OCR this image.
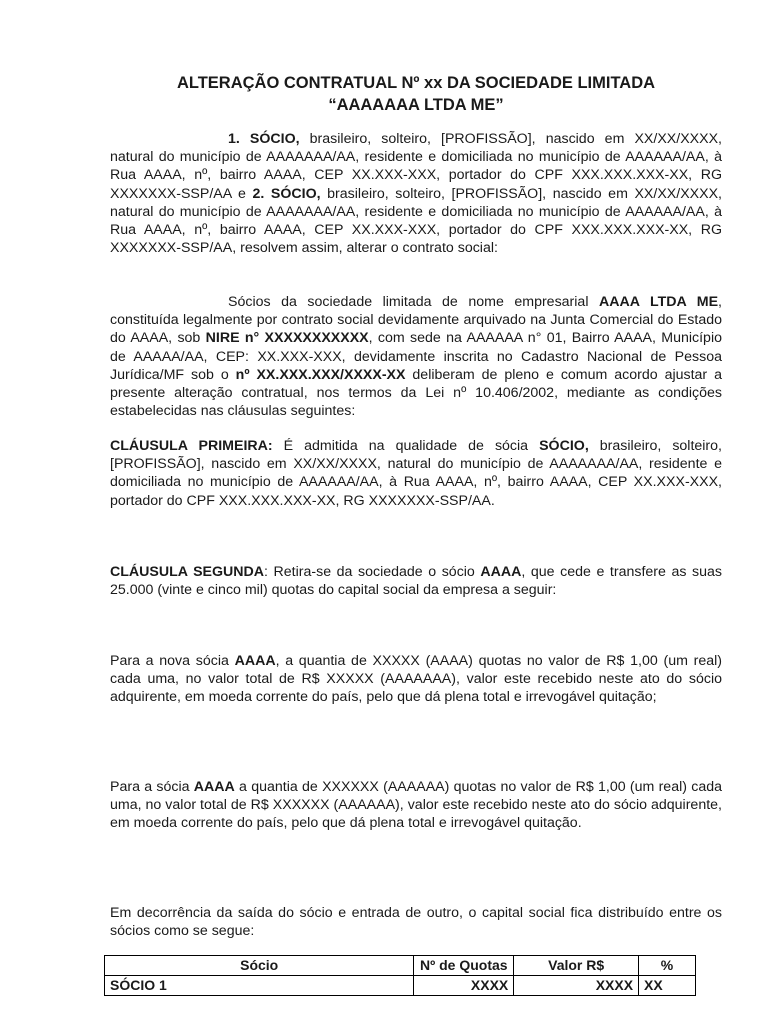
ALTERAÇÃO CONTRATUAL Nº xx DA SOCIEDADE LIMITADA
“AAAAAAA LTDA ME”

1. SÓCIO, brasileiro, solteiro, [PROFISSÃO], nascido em XX/XX/XXXX, natural do município de AAAAAAA/AA, residente e domiciliada no município de AAAAAA/AA, à Rua AAAA, nº, bairro AAAA, CEP XX.XXX-XXX, portador do CPF XXX.XXX.XXX-XX, RG XXXXXXX-SSP/AA e 2. SÓCIO, brasileiro, solteiro, [PROFISSÃO], nascido em XX/XX/XXXX, natural do município de AAAAAAA/AA, residente e domiciliada no município de AAAAAA/AA, à Rua AAAA, nº, bairro AAAA, CEP XX.XXX-XXX, portador do CPF XXX.XXX.XXX-XX, RG XXXXXXX-SSP/AA, resolvem assim, alterar o contrato social:

Sócios da sociedade limitada de nome empresarial AAAA LTDA ME, constituída legalmente por contrato social devidamente arquivado na Junta Comercial do Estado do AAAA, sob NIRE n° XXXXXXXXXXX, com sede na AAAAAA n° 01, Bairro AAAA, Município de AAAAA/AA, CEP: XX.XXX-XXX, devidamente inscrita no Cadastro Nacional de Pessoa Jurídica/MF sob o nº XX.XXX.XXX/XXXX-XX deliberam de pleno e comum acordo ajustar a presente alteração contratual, nos termos da Lei nº 10.406/2002, mediante as condições estabelecidas nas cláusulas seguintes:

CLÁUSULA PRIMEIRA: É admitida na qualidade de sócia SÓCIO, brasileiro, solteiro, [PROFISSÃO], nascido em XX/XX/XXXX, natural do município de AAAAAAA/AA, residente e domiciliada no município de AAAAAA/AA, à Rua AAAA, nº, bairro AAAA, CEP XX.XXX-XXX, portador do CPF XXX.XXX.XXX-XX, RG XXXXXXX-SSP/AA.

CLÁUSULA SEGUNDA: Retira-se da sociedade o sócio AAAA, que cede e transfere as suas 25.000 (vinte e cinco mil) quotas do capital social da empresa a seguir:

Para a nova sócia AAAA, a quantia de XXXXX (AAAA) quotas no valor de R$ 1,00 (um real) cada uma, no valor total de R$ XXXXX (AAAAAAA), valor este recebido neste ato do sócio adquirente, em moeda corrente do país, pelo que dá plena total e irrevogável quitação;

Para a sócia AAAA a quantia de XXXXXX (AAAAAA) quotas no valor de R$ 1,00 (um real) cada uma, no valor total de R$ XXXXXX (AAAAAA), valor este recebido neste ato do sócio adquirente, em moeda corrente do país, pelo que dá plena total e irrevogável quitação.

Em decorrência da saída do sócio e entrada de outro, o capital social fica distribuído entre os sócios como se segue:

Sócio	Nº de Quotas	Valor R$	%
SÓCIO 1	XXXX	XXXX	XX
